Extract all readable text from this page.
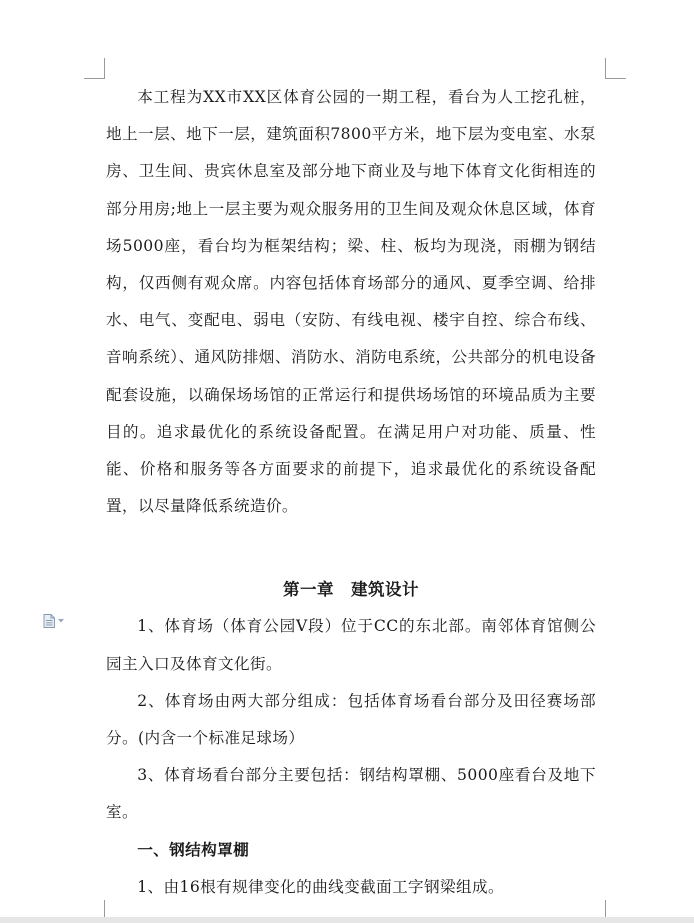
本工程为XX市XX区体育公园的一期工程，看台为人工挖孔桩，地上一层、地下一层，建筑面积7800平方米，地下层为变电室、水泵房、卫生间、贵宾休息室及部分地下商业及与地下体育文化街相连的部分用房;地上一层主要为观众服务用的卫生间及观众休息区域，体育场5000座，看台均为框架结构；梁、柱、板均为现浇，雨棚为钢结构，仅西侧有观众席。内容包括体育场部分的通风、夏季空调、给排水、电气、变配电、弱电（安防、有线电视、楼宇自控、综合布线、音响系统）、通风防排烟、消防水、消防电系统，公共部分的机电设备配套设施，以确保场场馆的正常运行和提供场场馆的环境品质为主要目的。追求最优化的系统设备配置。在满足用户对功能、质量、性能、价格和服务等各方面要求的前提下，追求最优化的系统设备配置，以尽量降低系统造价。

第一章　建筑设计

1、体育场（体育公园Ⅴ段）位于CC的东北部。南邻体育馆侧公园主入口及体育文化街。

2、体育场由两大部分组成：包括体育场看台部分及田径赛场部分。(内含一个标准足球场）

3、体育场看台部分主要包括：钢结构罩棚、5000座看台及地下室。

一、钢结构罩棚

1、由16根有规律变化的曲线变截面工字钢梁组成。
